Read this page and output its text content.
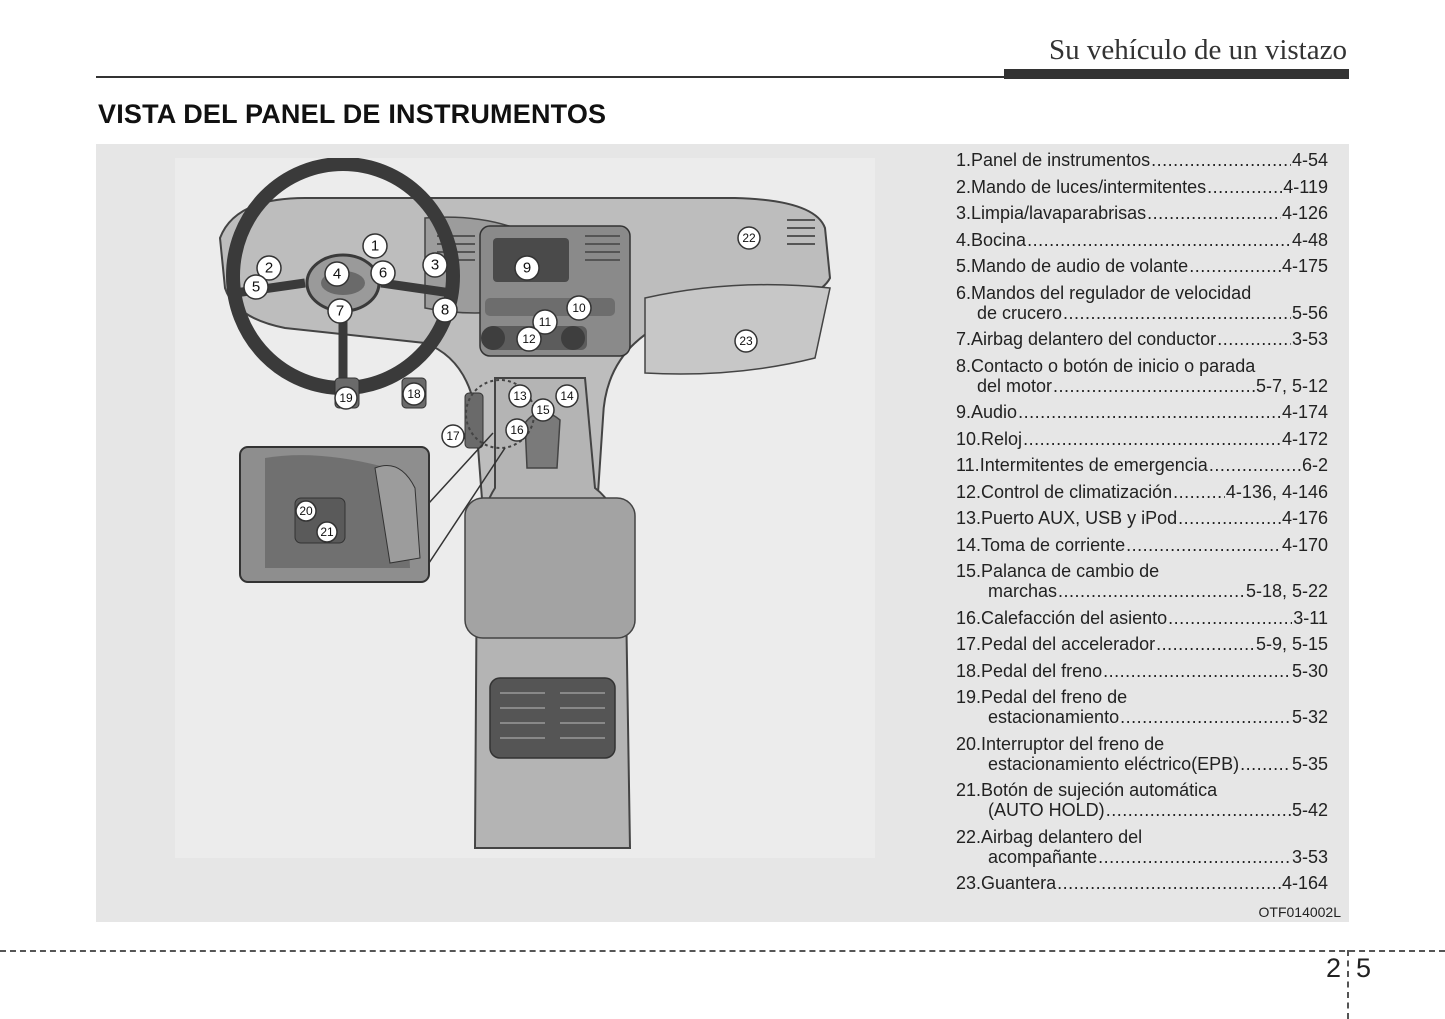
Su vehículo de un vistazo
VISTA DEL PANEL DE INSTRUMENTOS
1
2	3
4
5
6
7	8
9
10
11
12
13	14
15
16
17
18
19
20
21
22
23
1. Panel de instrumentos .....	4-54
2. Mando de luces/intermitentes .....	4-119
3. Limpia/lavaparabrisas .....	4-126
4. Bocina .....	4-48
5. Mando de audio de volante .....	4-175
6. Mandos del regulador de velocidad
de crucero .....	5-56
7. Airbag delantero del conductor .....	3-53
8. Contacto o botón de inicio o parada
del motor .....	5-7, 5-12
9. Audio .....	4-174
10. Reloj .....	4-172
11. Intermitentes de emergencia .....	6-2
12. Control de climatización .....	4-136, 4-146
13. Puerto AUX, USB y iPod .....	4-176
14. Toma de corriente .....	4-170
15. Palanca de cambio de
marchas .....	5-18, 5-22
16. Calefacción del asiento .....	3-11
17. Pedal del accelerador .....	5-9, 5-15
18. Pedal del freno .....	5-30
19. Pedal del freno de
estacionamiento .....	5-32
20. Interruptor del freno de
estacionamiento eléctrico(EPB) .....	5-35
21. Botón de sujeción automática
(AUTO HOLD) .....	5-42
22. Airbag delantero del
acompañante .....	3-53
23. Guantera .....	4-164
OTF014002L
2 5
